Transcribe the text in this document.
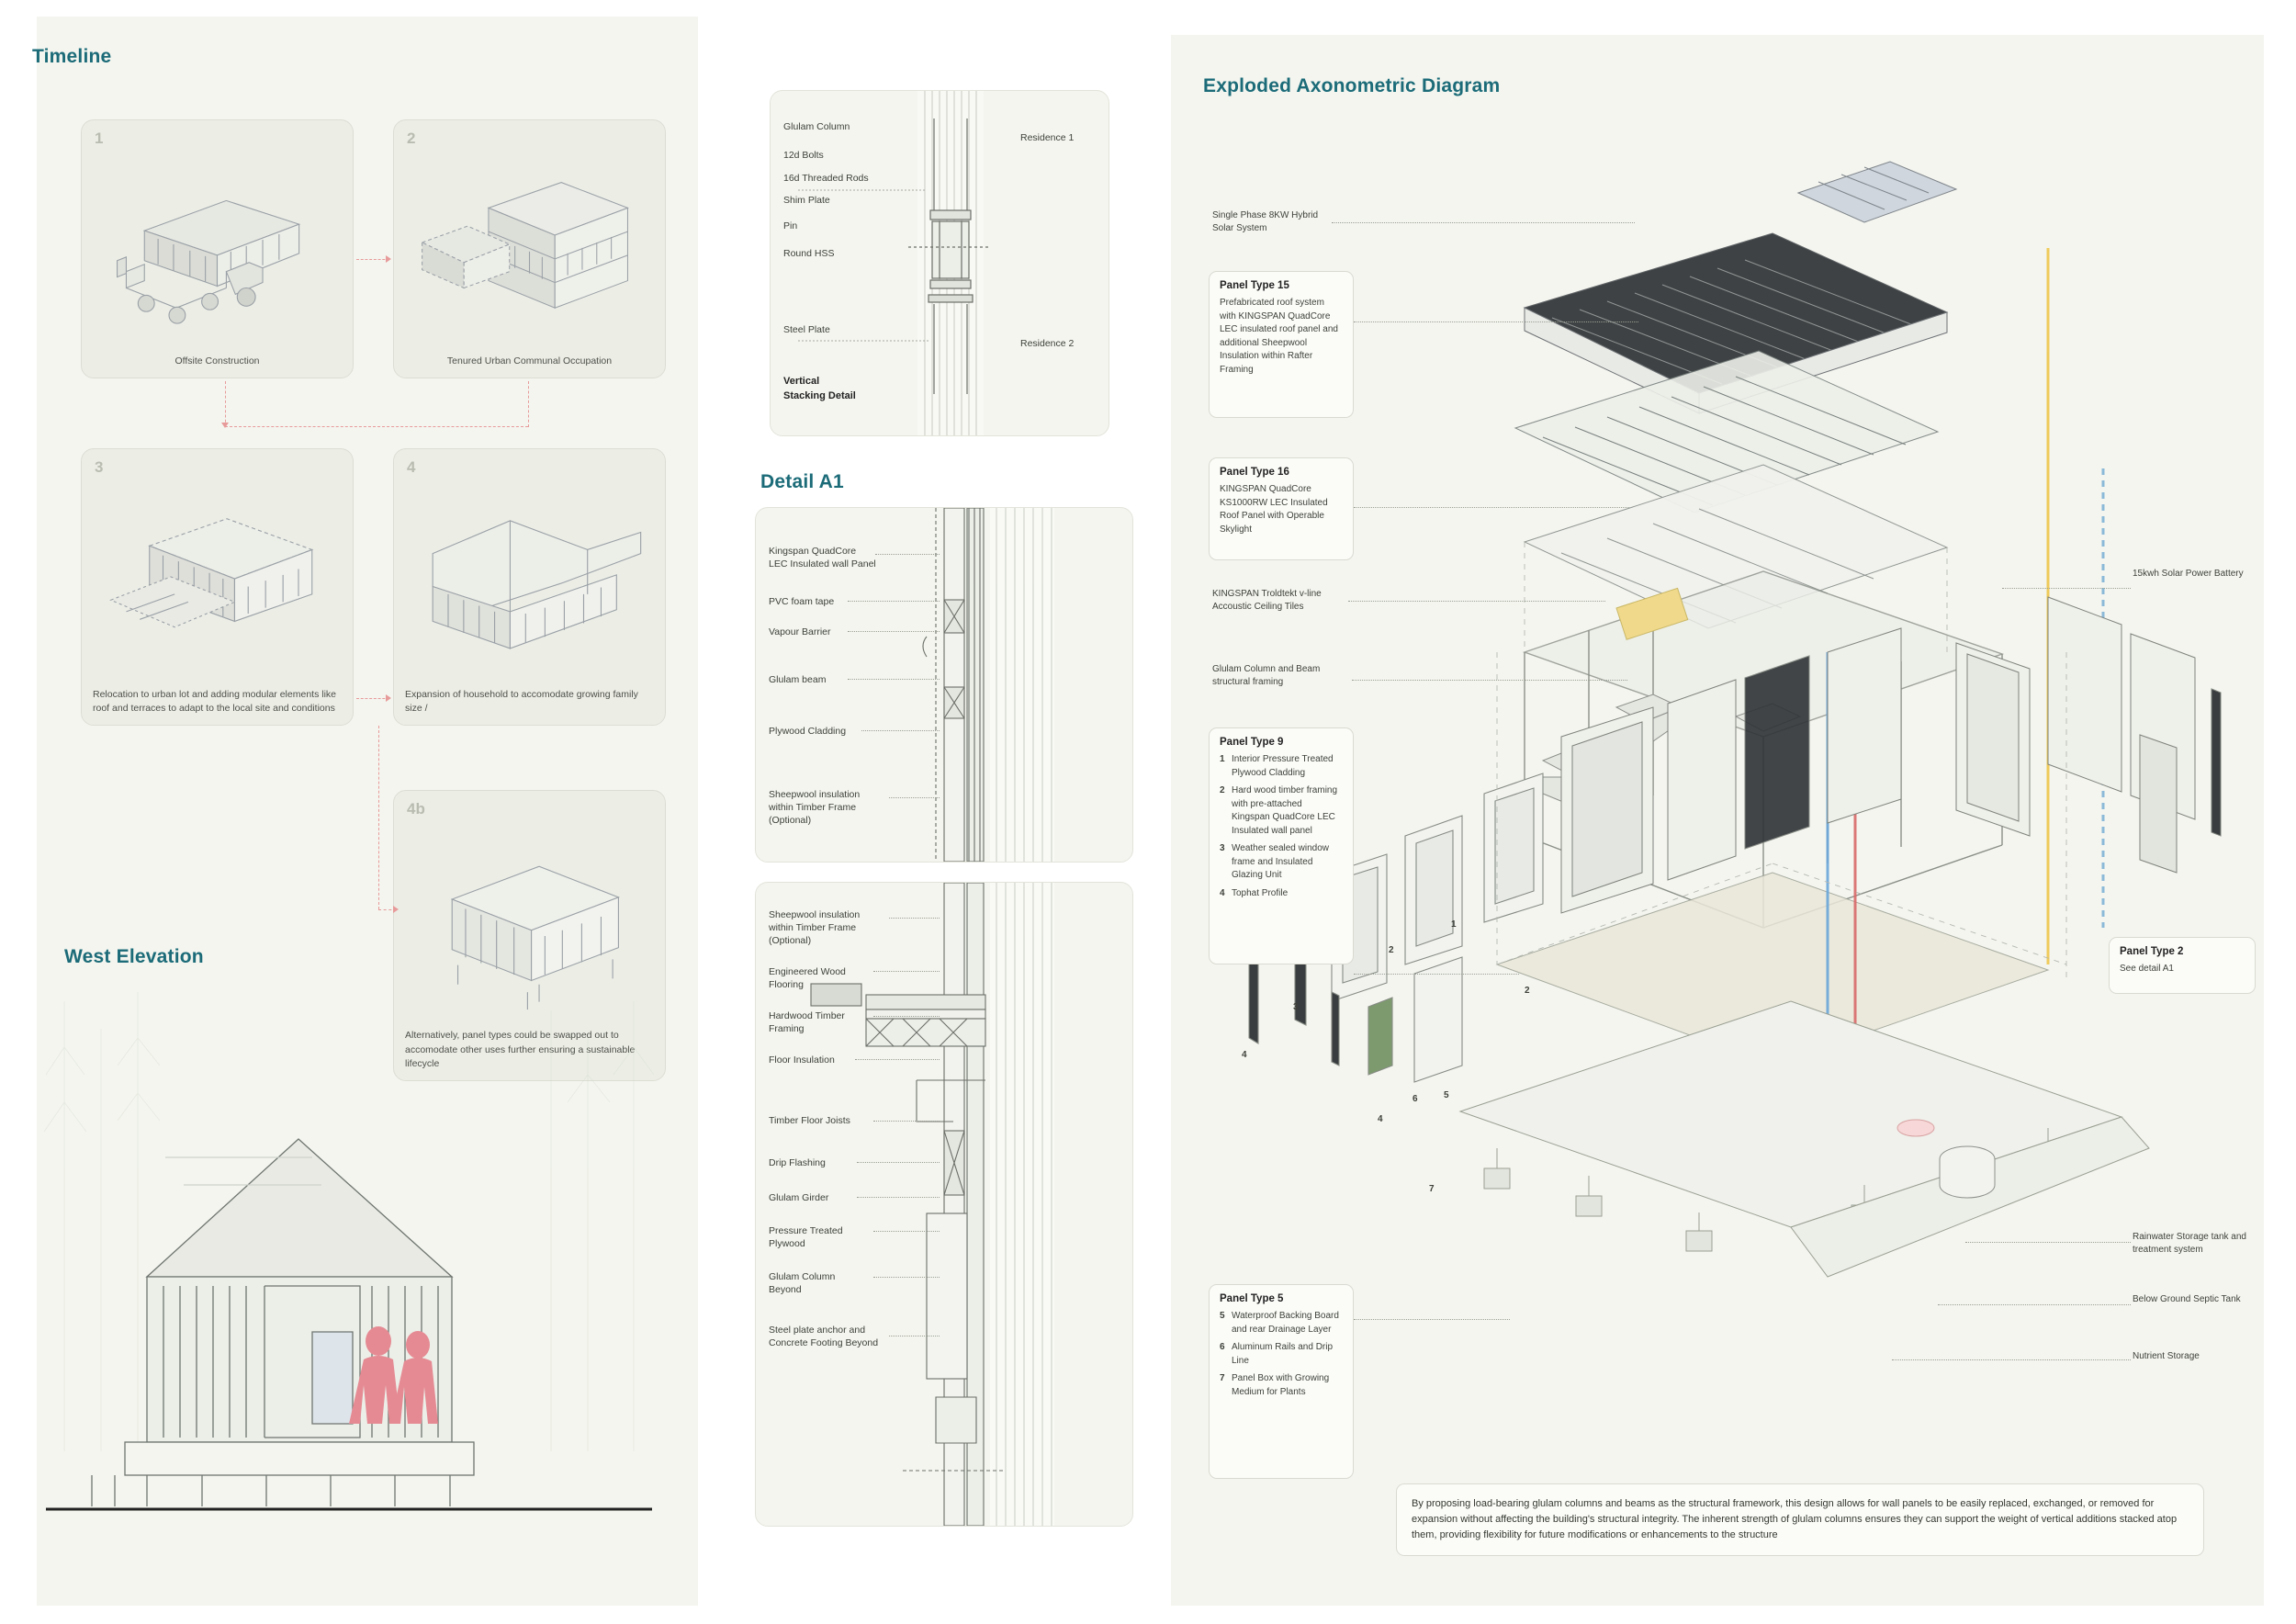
Timeline
1
Offsite Construction
2
Tenured Urban Communal Occupation
3
Relocation to urban lot and adding modular elements like roof and terraces to adapt to the local site and conditions
4
Expansion of household to accomodate growing family size /
4b
Alternatively, panel types could be swapped out to accomodate other uses further ensuring a sustainable lifecycle
West Elevation
Glulam Column
12d Bolts
16d Threaded Rods
Shim Plate
Pin
Round HSS
Steel Plate
Residence 1
Residence 2
Vertical
Stacking Detail
Detail A1
Kingspan QuadCore LEC Insulated wall Panel
PVC foam tape
Vapour Barrier
Glulam beam
Plywood Cladding
Sheepwool insulation within Timber Frame (Optional)
Sheepwool insulation within Timber Frame (Optional)
Engineered Wood Flooring
Hardwood Timber Framing
Floor Insulation
Timber Floor Joists
Drip Flashing
Glulam Girder
Pressure Treated Plywood
Glulam Column Beyond
Steel plate anchor and Concrete Footing Beyond
Exploded Axonometric Diagram
Single Phase 8KW Hybrid Solar System
KINGSPAN Troldtekt v-line Accoustic Ceiling Tiles
Glulam Column and Beam structural framing
15kwh Solar Power Battery
Rainwater Storage tank and treatment system
Below Ground Septic Tank
Nutrient Storage
Panel Type 15

Prefabricated roof system with KINGSPAN QuadCore LEC insulated roof panel and additional Sheepwool Insulation within Rafter Framing

Panel Type 16

KINGSPAN QuadCore KS1000RW LEC Insulated Roof Panel with Operable Skylight

Panel Type 9
1 Interior Pressure Treated Plywood Cladding
2 Hard wood timber framing with pre-attached Kingspan QuadCore LEC Insulated wall panel
3 Weather sealed window frame and Insulated Glazing Unit
4 Tophat Profile
Panel Type 5
5 Waterproof Backing Board and rear Drainage Layer
6 Aluminum Rails and Drip Line
7 Panel Box with Growing Medium for Plants
Panel Type 2

See detail A1

1
2
2
3
4
4
5
6
7
By proposing load-bearing glulam columns and beams as the structural framework, this design allows for wall panels to be easily replaced, exchanged, or removed for expansion without affecting the building's structural integrity. The inherent strength of glulam columns ensures they can support the weight of vertical additions stacked atop them, providing flexibility for future modifications or enhancements to the structure
